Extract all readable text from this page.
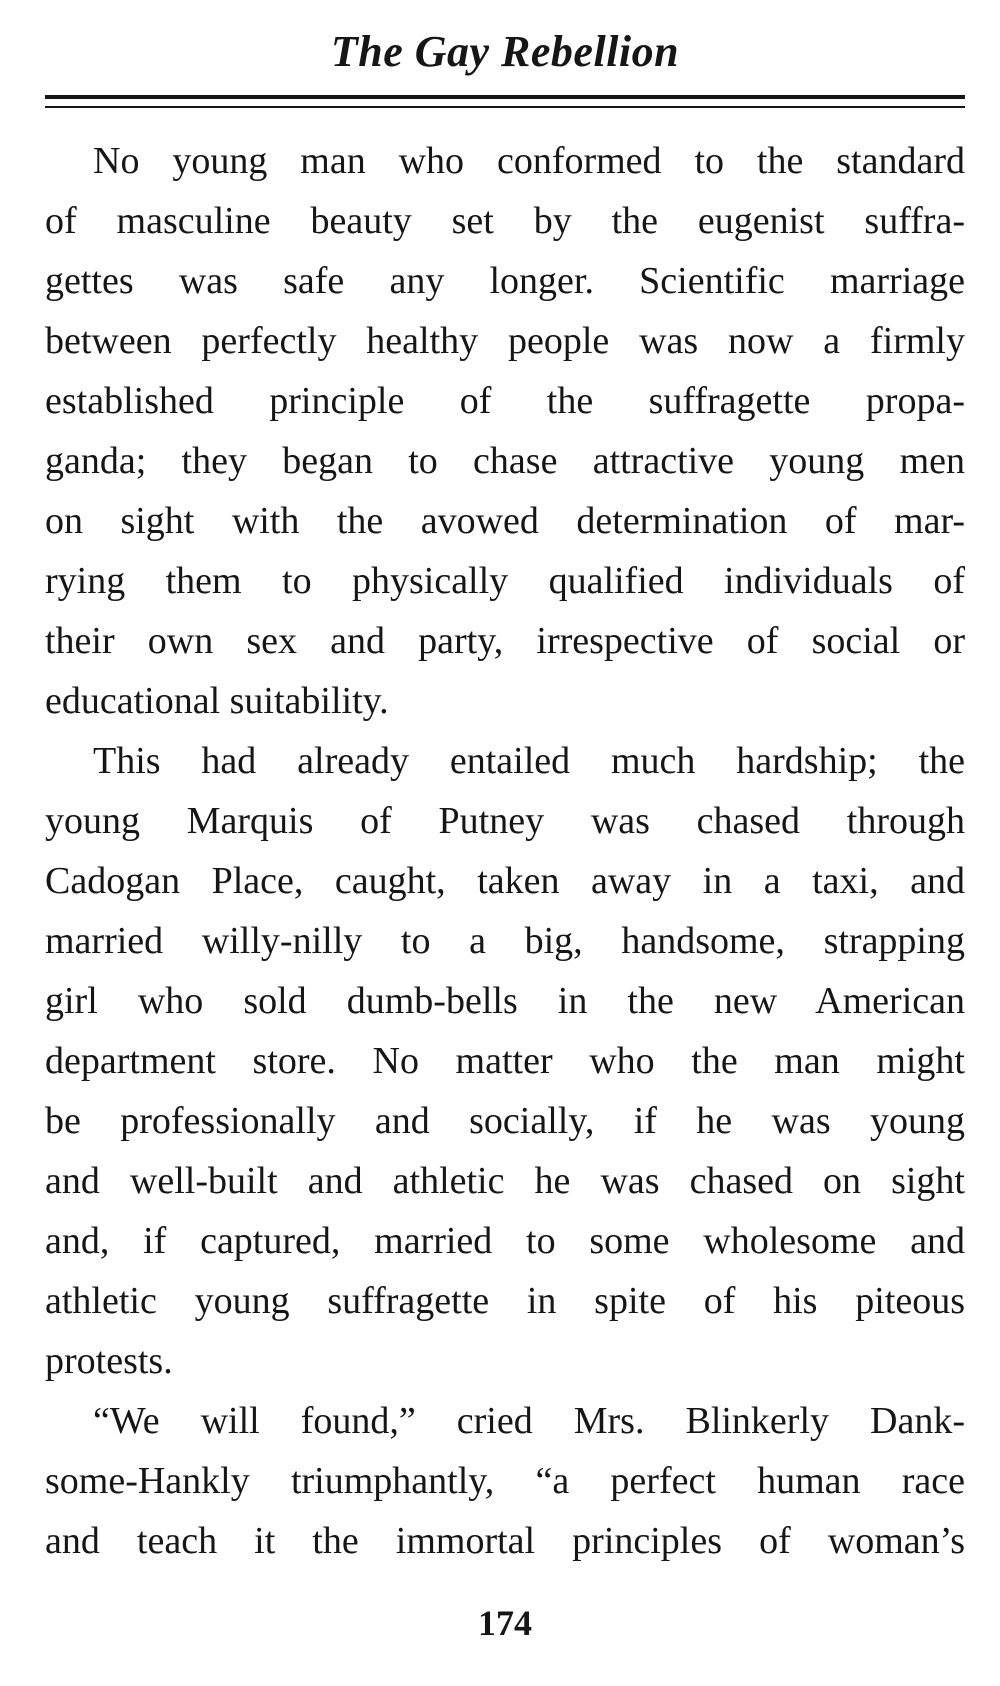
The Gay Rebellion
No young man who conformed to the standard
of masculine beauty set by the eugenist suffra-
gettes was safe any longer. Scientific marriage
between perfectly healthy people was now a firmly
established principle of the suffragette propa-
ganda; they began to chase attractive young men
on sight with the avowed determination of mar-
rying them to physically qualified individuals of
their own sex and party, irrespective of social or
educational suitability.
This had already entailed much hardship; the
young Marquis of Putney was chased through
Cadogan Place, caught, taken away in a taxi, and
married willy-nilly to a big, handsome, strapping
girl who sold dumb-bells in the new American
department store. No matter who the man might
be professionally and socially, if he was young
and well-built and athletic he was chased on sight
and, if captured, married to some wholesome and
athletic young suffragette in spite of his piteous
protests.
“We will found,” cried Mrs. Blinkerly Dank-
some-Hankly triumphantly, “a perfect human race
and teach it the immortal principles of woman’s
174
